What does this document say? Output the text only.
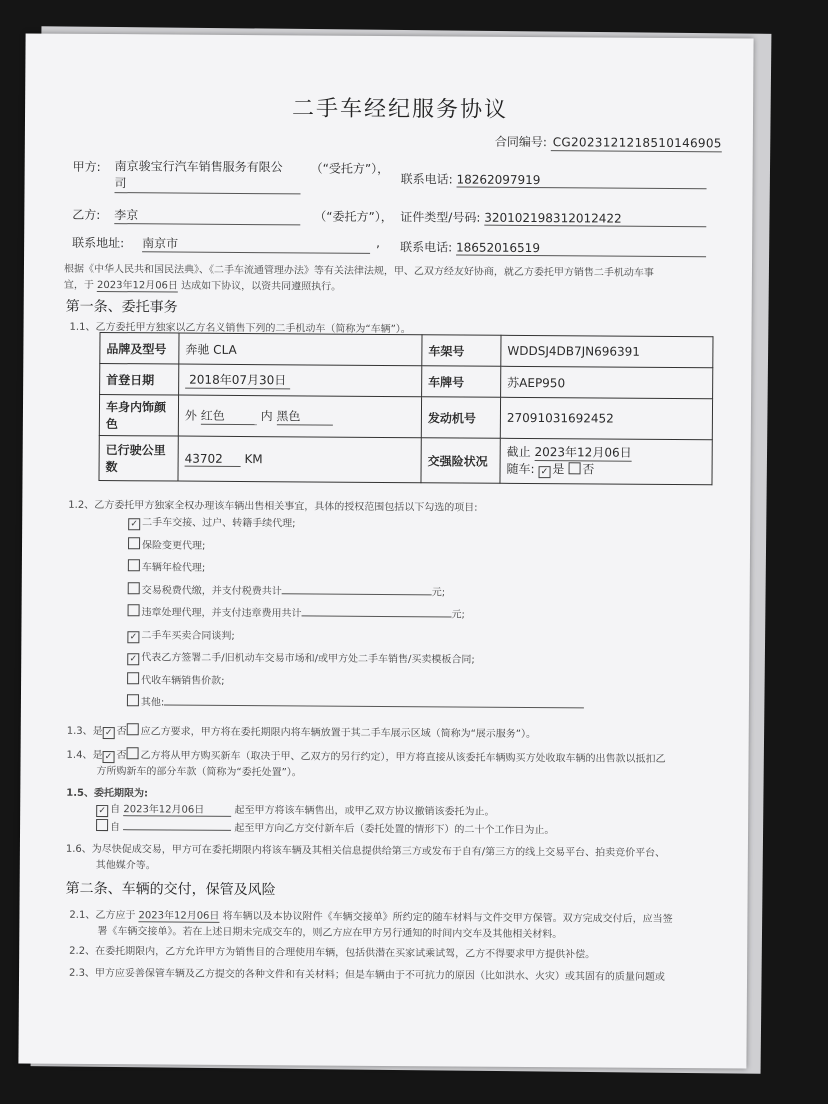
二手车经纪服务协议
合同编号: CG2023121218510146905
甲方: 南京骏宝行汽车销售服务有限公
司
（“受托方”），
联系电话: 18262097919
乙方: 李京	（“委托方”）， 证件类型/号码: 320102198312012422
联系地址: 南京市	, 联系电话: 18652016519
根据《中华人民共和国民法典》、《二手车流通管理办法》等有关法律法规，甲、乙双方经友好协商，就乙方委托甲方销售二手机动车事
宜，于 2023年12月06日 达成如下协议，以资共同遵照执行。
第一条、委托事务
1.1、乙方委托甲方独家以乙方名义销售下列的二手机动车（简称为“车辆”）。
品牌及型号	奔驰 CLA	车架号	WDDSJ4DB7JN696391
首登日期	2018年07月30日	车牌号	苏AEP950
车身内饰颜色	外 红色 内 黑色	发动机号	27091031692452
已行驶公里数	43702 KM	交强险状况	截止 2023年12月06日
随车: ✓ 是 否
1.2、乙方委托甲方独家全权办理该车辆出售相关事宜，具体的授权范围包括以下勾选的项目:
✓ 二手车交接、过户、转籍手续代理;
保险变更代理;
车辆年检代理;
交易税费代缴，并支付税费共计	元;
违章处理代理，并支付违章费用共计	元;
✓ 二手车买卖合同谈判;
✓ 代表乙方签署二手/旧机动车交易市场和/或甲方处二手车销售/买卖模板合同;
代收车辆销售价款;
其他:
1.3、是 ✓ 否 应乙方要求，甲方将在委托期限内将车辆放置于其二手车展示区域（简称为“展示服务”）。
1.4、是 ✓ 否 乙方将从甲方购买新车（取决于甲、乙双方的另行约定），甲方将直接从该委托车辆购买方处收取车辆的出售款以抵扣乙
方所购新车的部分车款（简称为“委托处置”）。
1.5、委托期限为:
✓ 自 2023年12月06日	起至甲方将该车辆售出，或甲乙双方协议撤销该委托为止。
自	起至甲方向乙方交付新车后（委托处置的情形下）的二十个工作日为止。
1.6、为尽快促成交易，甲方可在委托期限内将该车辆及其相关信息提供给第三方或发布于自有/第三方的线上交易平台、拍卖竞价平台、
其他媒介等。
第二条、车辆的交付，保管及风险
2.1、乙方应于 2023年12月06日 将车辆以及本协议附件《车辆交接单》所约定的随车材料与文件交甲方保管。双方完成交付后，应当签
署《车辆交接单》。若在上述日期未完成交车的，则乙方应在甲方另行通知的时间内交车及其他相关材料。
2.2、在委托期限内，乙方允许甲方为销售目的合理使用车辆，包括供潜在买家试乘试驾，乙方不得要求甲方提供补偿。
2.3、甲方应妥善保管车辆及乙方提交的各种文件和有关材料；但是车辆由于不可抗力的原因（比如洪水、火灾）或其固有的质量问题或
